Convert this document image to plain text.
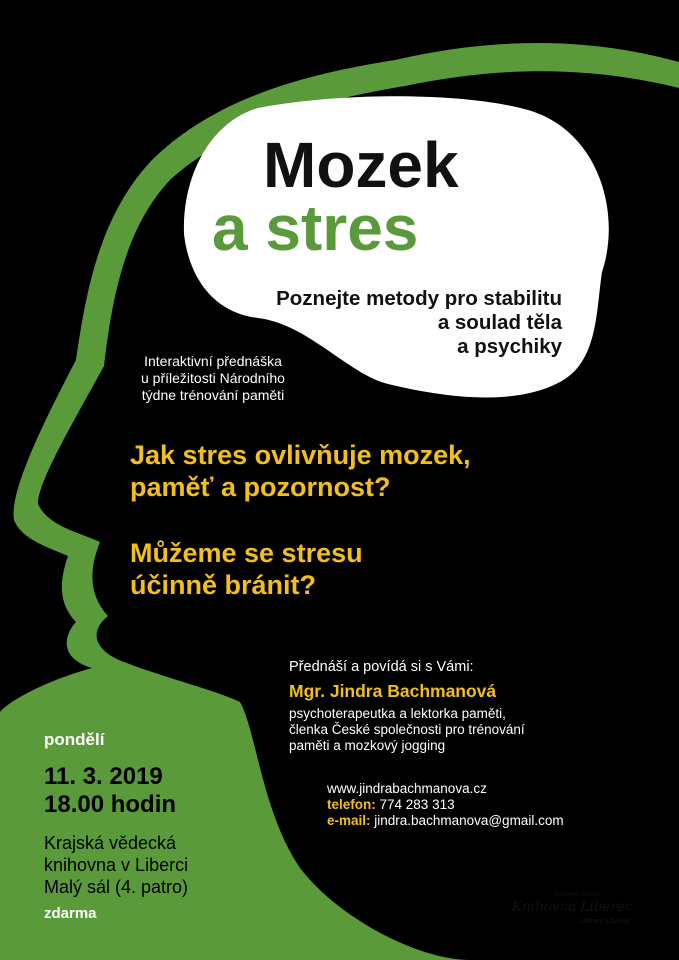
Mozek
a stres
Poznejte metody pro stabilitu
a soulad těla
a psychiky
Interaktivní přednáška
u příležitosti Národního
týdne trénování paměti
Jak stres ovlivňuje mozek,
paměť a pozornost?
Můžeme se stresu
účinně bránit?
Přednáší a povídá si s Vámi:
Mgr. Jindra Bachmanová
psychoterapeutka a lektorka paměti,
členka České společnosti pro trénování
paměti a mozkový jogging
www.jindrabachmanova.cz
telefon: 774 283 313
e-mail: jindra.bachmanova@gmail.com
pondělí
11. 3. 2019
18.00 hodin
Krajská vědecká
knihovna v Liberci
Malý sál (4. patro)
zdarma
Bibliothek Liberec
Knihovna Liberec
Library Liberec
